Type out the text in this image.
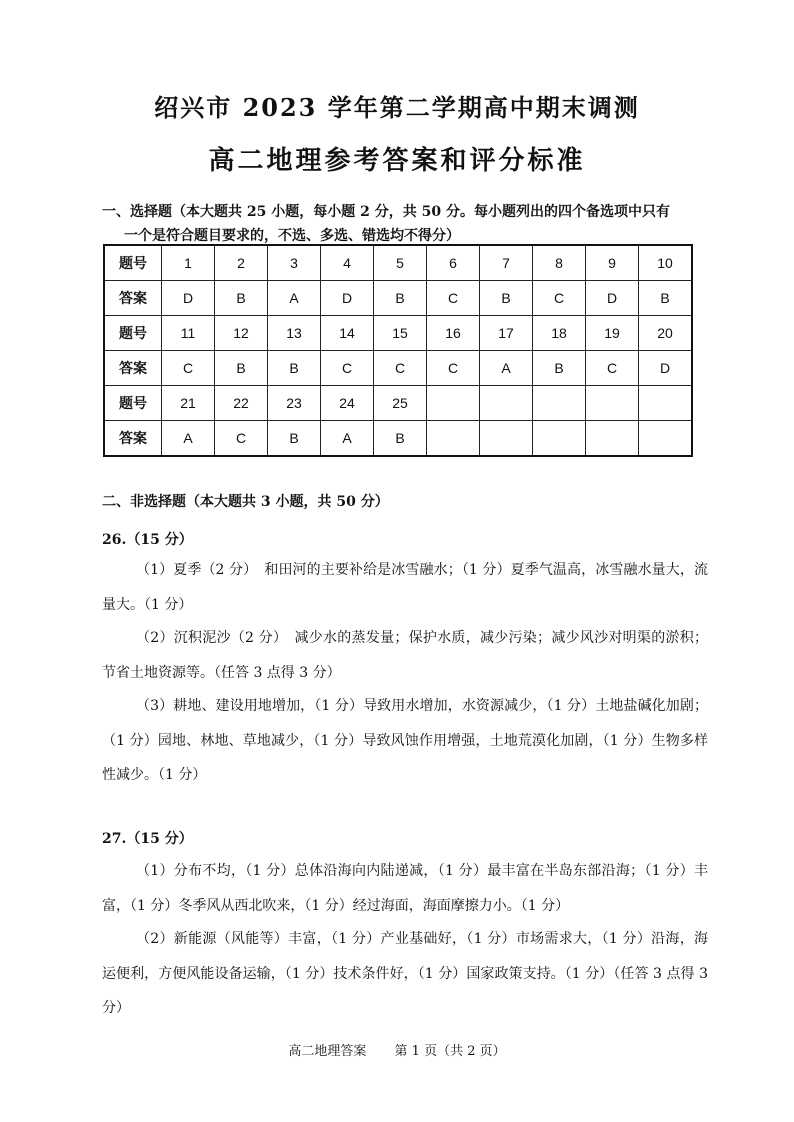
绍兴市 2023 学年第二学期高中期末调测
高二地理参考答案和评分标准
一、选择题（本大题共 25 小题，每小题 2 分，共 50 分。每小题列出的四个备选项中只有
一个是符合题目要求的，不选、多选、错选均不得分）
题号	1	2	3	4	5	6	7	8	9	10
答案	D	B	A	D	B	C	B	C	D	B
题号	11	12	13	14	15	16	17	18	19	20
答案	C	B	B	C	C	C	A	B	C	D
题号	21	22	23	24	25					
答案	A	C	B	A	B					
二、非选择题（本大题共 3 小题，共 50 分）
26.（15 分）
（1）夏季（2 分）　和田河的主要补给是冰雪融水；（1 分）夏季气温高，冰雪融水量大，流量大。（1 分）
（2）沉积泥沙（2 分）　减少水的蒸发量；保护水质，减少污染；减少风沙对明渠的淤积；节省土地资源等。（任答 3 点得 3 分）
（3）耕地、建设用地增加，（1 分）导致用水增加，水资源减少，（1 分）土地盐碱化加剧；（1 分）园地、林地、草地减少，（1 分）导致风蚀作用增强，土地荒漠化加剧，（1 分）生物多样性减少。（1 分）
27.（15 分）
（1）分布不均，（1 分）总体沿海向内陆递减，（1 分）最丰富在半岛东部沿海；（1 分）丰富，（1 分）冬季风从西北吹来，（1 分）经过海面，海面摩擦力小。（1 分）
（2）新能源（风能等）丰富，（1 分）产业基础好，（1 分）市场需求大，（1 分）沿海，海运便利，方便风能设备运输，（1 分）技术条件好，（1 分）国家政策支持。（1 分）（任答 3 点得 3 分）
高二地理答案 第 1 页（共 2 页）
